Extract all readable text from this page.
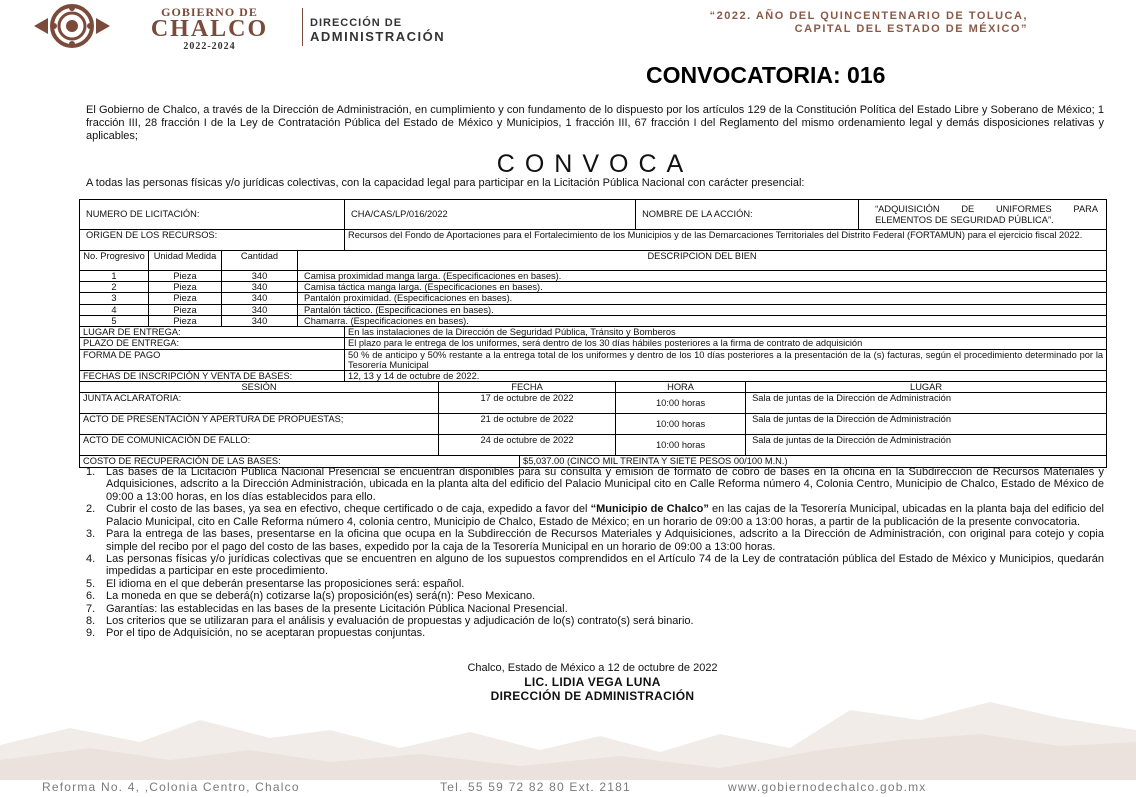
GOBIERNO DE
CHALCO
2022-2024
DIRECCIÓN DE
ADMINISTRACIÓN
“2022. AÑO DEL QUINCENTENARIO DE TOLUCA,
CAPITAL DEL ESTADO DE MÉXICO”
CONVOCATORIA: 016

El Gobierno de Chalco, a través de la Dirección de Administración, en cumplimiento y con fundamento de lo dispuesto por los artículos 129 de la Constitución Política del Estado Libre y Soberano de México; 1 fracción III, 28 fracción I de la Ley de Contratación Pública del Estado de México y Municipios, 1 fracción III, 67 fracción I del Reglamento del mismo ordenamiento legal y demás disposiciones relativas y aplicables;

CONVOCA

A todas las personas físicas y/o jurídicas colectivas, con la capacidad legal para participar en la Licitación Pública Nacional con carácter presencial:

NUMERO DE LICITACIÓN:				CHA/CAS/LP/016/2022				NOMBRE DE LA ACCIÓN:		“ADQUISICIÓN DE UNIFORMES PARA ELEMENTOS DE SEGURIDAD PÚBLICA”.
ORIGEN DE LOS RECURSOS:				Recursos del Fondo de Aportaciones para el Fortalecimiento de los Municipios y de las Demarcaciones Territoriales del Distrito Federal (FORTAMUN) para el ejercicio fiscal 2022.						
No. Progresivo	Unidad Medida	Cantidad	DESCRIPCION DEL BIEN							
1	Pieza	340	Camisa proximidad manga larga. (Especificaciones en bases).							
2	Pieza	340	Camisa táctica manga larga. (Especificaciones en bases).							
3	Pieza	340	Pantalón proximidad. (Especificaciones en bases).							
4	Pieza	340	Pantalón táctico. (Especificaciones en bases).							
5	Pieza	340	Chamarra. (Especificaciones en bases).							
LUGAR DE ENTREGA:				En las instalaciones de la Dirección de Seguridad Pública, Tránsito y Bomberos						
PLAZO DE ENTREGA:				El plazo para le entrega de los uniformes, será dentro de los 30 días hábiles posteriores a la firma de contrato de adquisición						
FORMA DE PAGO				50 % de anticipo y 50% restante a la entrega total de los uniformes y dentro de los 10 días posteriores a la presentación de la (s) facturas, según el procedimiento determinado por la Tesorería Municipal						
FECHAS DE INSCRIPCIÓN Y VENTA DE BASES:				12, 13 y 14 de octubre de 2022.						
SESIÓN					FECHA		HORA		LUGAR	
JUNTA ACLARATORIA:					17 de octubre de 2022		10:00 horas		Sala de juntas de la Dirección de Administración	
ACTO DE PRESENTACIÓN Y APERTURA DE PROPUESTAS;					21 de octubre de 2022		10:00 horas		Sala de juntas de la Dirección de Administración	
ACTO DE COMUNICACIÓN DE FALLO:					24 de octubre de 2022		10:00 horas		Sala de juntas de la Dirección de Administración	
COSTO DE RECUPERACIÓN DE LAS BASES:						$5,037.00 (CINCO MIL TREINTA Y SIETE PESOS 00/100 M.N.)				
1. Las bases de la Licitación Pública Nacional Presencial se encuentran disponibles para su consulta y emisión de formato de cobro de bases en la oficina en la Subdirección de Recursos Materiales y Adquisiciones, adscrito a la Dirección Administración, ubicada en la planta alta del edificio del Palacio Municipal cito en Calle Reforma número 4, Colonia Centro, Municipio de Chalco, Estado de México de 09:00 a 13:00 horas, en los días establecidos para ello.
2. Cubrir el costo de las bases, ya sea en efectivo, cheque certificado o de caja, expedido a favor del “Municipio de Chalco” en las cajas de la Tesorería Municipal, ubicadas en la planta baja del edificio del Palacio Municipal, cito en Calle Reforma número 4, colonia centro, Municipio de Chalco, Estado de México; en un horario de 09:00 a 13:00 horas, a partir de la publicación de la presente convocatoria.
3. Para la entrega de las bases, presentarse en la oficina que ocupa en la Subdirección de Recursos Materiales y Adquisiciones, adscrito a la Dirección de Administración, con original para cotejo y copia simple del recibo por el pago del costo de las bases, expedido por la caja de la Tesorería Municipal en un horario de 09:00 a 13:00 horas.
4. Las personas físicas y/o jurídicas colectivas que se encuentren en alguno de los supuestos comprendidos en el Artículo 74 de la Ley de contratación pública del Estado de México y Municipios, quedarán impedidas a participar en este procedimiento.
5. El idioma en el que deberán presentarse las proposiciones será: español.
6. La moneda en que se deberá(n) cotizarse la(s) proposición(es) será(n): Peso Mexicano.
7. Garantías: las establecidas en las bases de la presente Licitación Pública Nacional Presencial.
8. Los criterios que se utilizaran para el análisis y evaluación de propuestas y adjudicación de lo(s) contrato(s) será binario.
9. Por el tipo de Adquisición, no se aceptaran propuestas conjuntas.
Chalco, Estado de México a 12 de octubre de 2022
LIC. LIDIA VEGA LUNA
DIRECCIÓN DE ADMINISTRACIÓN
Reforma No. 4, ,Colonia Centro, Chalco	Tel. 55 59 72 82 80 Ext. 2181	www.gobiernodechalco.gob.mx
